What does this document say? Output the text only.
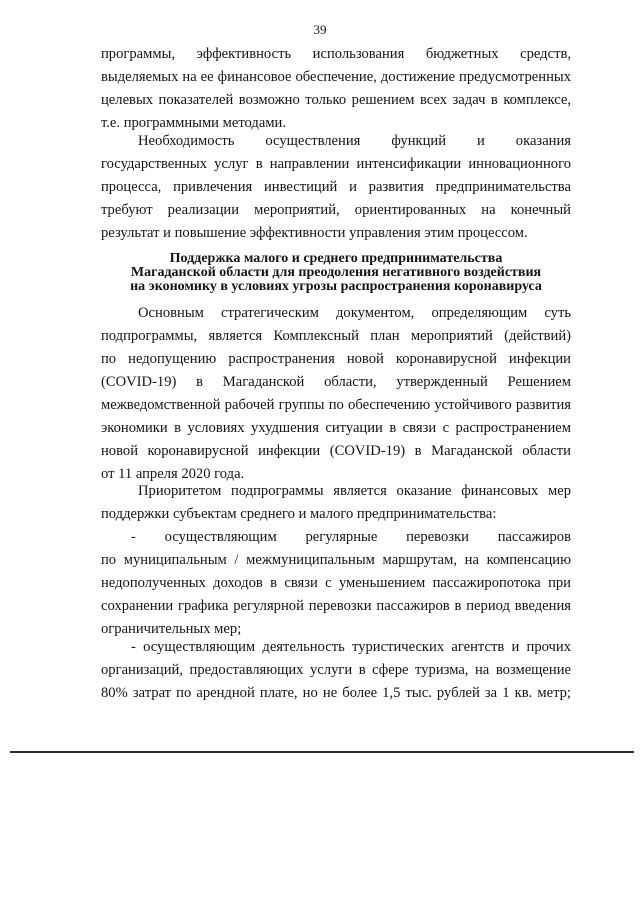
39
программы, эффективность использования бюджетных средств,
выделяемых на ее финансовое обеспечение, достижение предусмотренных
целевых показателей возможно только решением всех задач в комплексе,
т.е. программными методами.
Необходимость осуществления функций и оказания
государственных услуг в направлении интенсификации инновационного
процесса, привлечения инвестиций и развития предпринимательства
требуют реализации мероприятий, ориентированных на конечный
результат и повышение эффективности управления этим процессом.
Поддержка малого и среднего предпринимательства
Магаданской области для преодоления негативного воздействия
на экономику в условиях угрозы распространения коронавируса
Основным стратегическим документом, определяющим суть
подпрограммы, является Комплексный план мероприятий (действий)
по недопущению распространения новой коронавирусной инфекции
(COVID-19) в Магаданской области, утвержденный Решением
межведомственной рабочей группы по обеспечению устойчивого развития
экономики в условиях ухудшения ситуации в связи с распространением
новой коронавирусной инфекции (COVID-19) в Магаданской области
от 11 апреля 2020 года.
Приоритетом подпрограммы является оказание финансовых мер
поддержки субъектам среднего и малого предпринимательства:
- осуществляющим регулярные перевозки пассажиров
по муниципальным / межмуниципальным маршрутам, на компенсацию
недополученных доходов в связи с уменьшением пассажиропотока при
сохранении графика регулярной перевозки пассажиров в период введения
ограничительных мер;
- осуществляющим деятельность туристических агентств и прочих
организаций, предоставляющих услуги в сфере туризма, на возмещение
80% затрат по арендной плате, но не более 1,5 тыс. рублей за 1 кв. метр;
